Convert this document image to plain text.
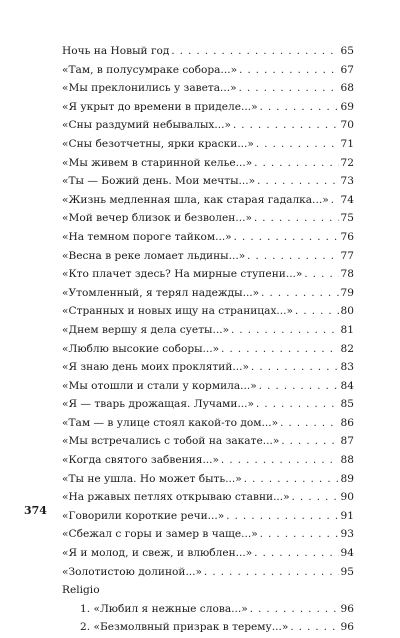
Ночь на Новый год . . .	65
«Там, в полусумраке собора...» . . .	67
«Мы преклонились у завета...» . . .	68
«Я укрыт до времени в приделе...» . . .	69
«Сны раздумий небывалых...» . . .	70
«Сны безотчетны, ярки краски...» . . .	71
«Мы живем в старинной келье...» . . .	72
«Ты — Божий день. Мои мечты...» . . .	73
«Жизнь медленная шла, как старая гадалка...» . . . 74
«Мой вечер близок и безволен...» . . .	75
«На темном пороге тайком...» . . .	76
«Весна в реке ломает льдины...» . . .	77
«Кто плачет здесь? На мирные ступени...» . . .	78
«Утомленный, я терял надежды...» . . .	79
«Странных и новых ищу на страницах...» . . .	80
«Днем вершу я дела суеты...» . . .	81
«Люблю высокие соборы...» . . .	82
«Я знаю день моих проклятий...» . . .	83
«Мы отошли и стали у кормила...» . . .	84
«Я — тварь дрожащая. Лучами...» . . .	85
«Там — в улице стоял какой-то дом...» . . .	86
«Мы встречались с тобой на закате...» . . .	87
«Когда святого забвения...» . . .	88
«Ты не ушла. Но может быть...» . . .	89
«На ржавых петлях открываю ставни...» . . .	90
«Говорили короткие речи...» . . .	91
«Сбежал с горы и замер в чаще...» . . .	93
«Я и молод, и свеж, и влюблен...» . . .	94
«Золотистою долиной...» . . .	95
Religio
1. «Любил я нежные слова...» . . .	96
2. «Безмолвный призрак в терему...» . . .	96
374
